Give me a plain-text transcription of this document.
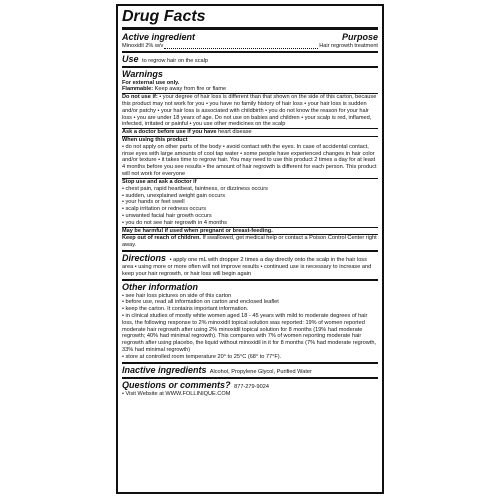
Drug Facts
Active ingredient	Purpose
Minoxidil 2% w/v	Hair regrowth treatment
Use to regrow hair on the scalp
Warnings

For external use only.

Flammable: Keep away from fire or flame

Do not use if: • your degree of hair loss is different than that shown on the side of this carton, because this product may not work for you • you have no family history of hair loss • your hair loss is sudden and/or patchy • your hair loss is associated with childbirth • you do not know the reason for your hair loss • you are under 18 years of age. Do not use on babies and children • your scalp is red, inflamed, infected, irritated or painful • you use other medicines on the scalp

Ask a doctor before use if you have heart disease

When using this product

• do not apply on other parts of the body • avoid contact with the eyes. In case of accidental contact, rinse eyes with large amounts of cool tap water • some people have experienced changes in hair color and/or texture • it takes time to regrow hair. You may need to use this product 2 times a day for at least 4 months before you see results • the amount of hair regrowth is different for each person. This product will not work for everyone

Stop use and ask a doctor if

• chest pain, rapid heartbeat, faintness, or dizziness occurs

• sudden, unexplained weight gain occurs

• your hands or feet swell

• scalp irritation or redness occurs

• unwanted facial hair growth occurs

• you do not see hair regrowth in 4 months

May be harmful if used when pregnant or breast-feeding.

Keep out of reach of children. If swallowed, get medical help or contact a Poison Control Center right away.

Directions • apply one mL with dropper 2 times a day directly onto the scalp in the hair loss area • using more or more often will not improve results • continued use is necessary to increase and keep your hair regrowth, or hair loss will begin again
Other information

• see hair loss pictures on side of this carton

• before use, read all information on carton and enclosed leaflet

• keep the carton. It contains important information.

• in clinical studies of mostly white women aged 18 - 45 years with mild to moderate degrees of hair loss, the following response to 2% minoxidil topical solution was reported: 19% of women reported moderate hair regrowth after using 2% minoxidil topical solution for 8 months (19% had moderate regrowth; 40% had minimal regrowth). This compares with 7% of women reporting moderate hair regrowth after using placebo, the liquid without minoxidil in it for 8 months (7% had moderate regrowth, 33% had minimal regrowth)

• store at controlled room temperature 20° to 25°C (68° to 77°F).

Inactive ingredients Alcohol, Propylene Glycol, Purified Water
Questions or comments? 877-279-9024

• Visit Website at WWW.FOLLINIQUE.COM
